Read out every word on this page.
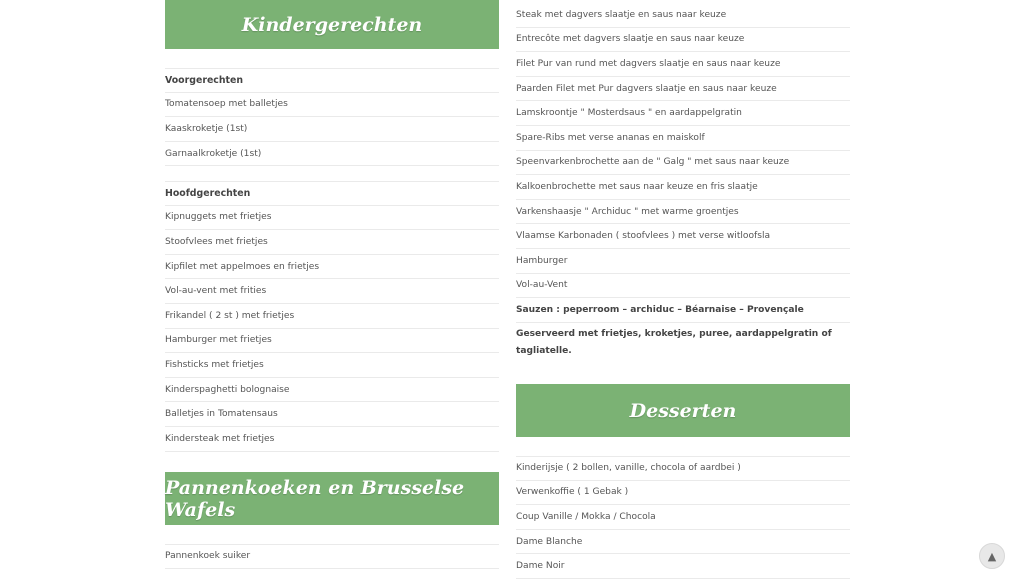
Kindergerechten
Voorgerechten
Tomatensoep met balletjes
Kaaskroketje (1st)
Garnaalkroketje (1st)
Hoofdgerechten
Kipnuggets met frietjes
Stoofvlees met frietjes
Kipfilet met appelmoes en frietjes
Vol-au-vent met frities
Frikandel ( 2 st ) met frietjes
Hamburger met frietjes
Fishsticks met frietjes
Kinderspaghetti bolognaise
Balletjes in Tomatensaus
Kindersteak met frietjes
Pannenkoeken en Brusselse Wafels
Pannenkoek suiker
Steak met dagvers slaatje en saus naar keuze
Entrecôte met dagvers slaatje en saus naar keuze
Filet Pur van rund met dagvers slaatje en saus naar keuze
Paarden Filet met Pur dagvers slaatje en saus naar keuze
Lamskroontje " Mosterdsaus " en aardappelgratin
Spare-Ribs met verse ananas en maiskolf
Speenvarkenbrochette aan de " Galg " met saus naar keuze
Kalkoenbrochette met saus naar keuze en fris slaatje
Varkenshaasje " Archiduc " met warme groentjes
Vlaamse Karbonaden ( stoofvlees ) met verse witloofsla
Hamburger
Vol-au-Vent
Sauzen : peperroom – archiduc – Béarnaise – Provençale
Geserveerd met frietjes, kroketjes, puree, aardappelgratin of tagliatelle.
Desserten
Kinderijsje ( 2 bollen, vanille, chocola of aardbei )
Verwenkoffie ( 1 Gebak )
Coup Vanille / Mokka / Chocola
Dame Blanche
Dame Noir
▲
